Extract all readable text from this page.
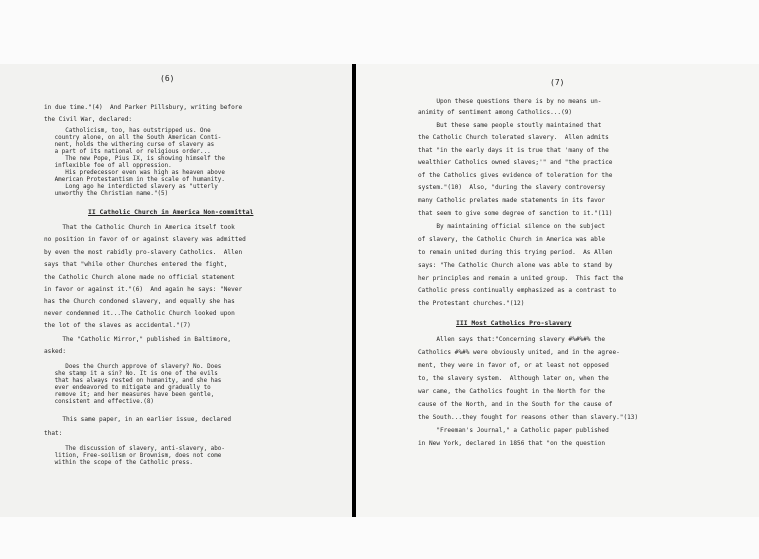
(6)
in due time."(4)  And Parker Pillsbury, writing before
the Civil War, declared:
Catholicism, too, has outstripped us. One
country alone, on all the South American Conti-
nent, holds the withering curse of slavery as
a part of its national or religious order...
The new Pope, Pius IX, is showing himself the
inflexible foe of all oppression.
His predecessor even was high as heaven above
American Protestantism in the scale of humanity.
Long ago he interdicted slavery as "utterly
unworthy the Christian name."(5)
II Catholic Church in America Non-committal
That the Catholic Church in America itself took
no position in favor of or against slavery was admitted
by even the most rabidly pro-slavery Catholics.  Allen
says that "while other Churches entered the fight,
the Catholic Church alone made no official statement
in favor or against it."(6)  And again he says: "Never
has the Church condoned slavery, and equally she has
never condemned it...The Catholic Church looked upon
the lot of the slaves as accidental."(7)
The "Catholic Mirror," published in Baltimore,
asked:
Does the Church approve of slavery? No. Does
she stamp it a sin? No. It is one of the evils
that has always rested on humanity, and she has
ever endeavored to mitigate and gradually to
remove it; and her measures have been gentle,
consistent and effective.(8)
This same paper, in an earlier issue, declared
that:
The discussion of slavery, anti-slavery, abo-
lition, Free-soilism or Brownism, does not come
within the scope of the Catholic press.
(7)
Upon these questions there is by no means un-
animity of sentiment among Catholics...(9)
But these same people stoutly maintained that
the Catholic Church tolerated slavery.  Allen admits
that "in the early days it is true that 'many of the
wealthier Catholics owned slaves;'" and "the practice
of the Catholics gives evidence of toleration for the
system."(10)  Also, "during the slavery controversy
many Catholic prelates made statements in its favor
that seem to give some degree of sanction to it."(11)
By maintaining official silence on the subject
of slavery, the Catholic Church in America was able
to remain united during this trying period.  As Allen
says: "The Catholic Church alone was able to stand by
her principles and remain a united group.  This fact the
Catholic press continually emphasized as a contrast to
the Protestant churches."(12)
III Most Catholics Pro-slavery
Allen says that:"Concerning slavery #%#%#% the
Catholics #%#% were obviously united, and in the agree-
ment, they were in favor of, or at least not opposed
to, the slavery system.  Although later on, when the
war came, the Catholics fought in the North for the
cause of the North, and in the South for the cause of
the South...they fought for reasons other than slavery."(13)
"Freeman's Journal," a Catholic paper published
in New York, declared in 1856 that "on the question
